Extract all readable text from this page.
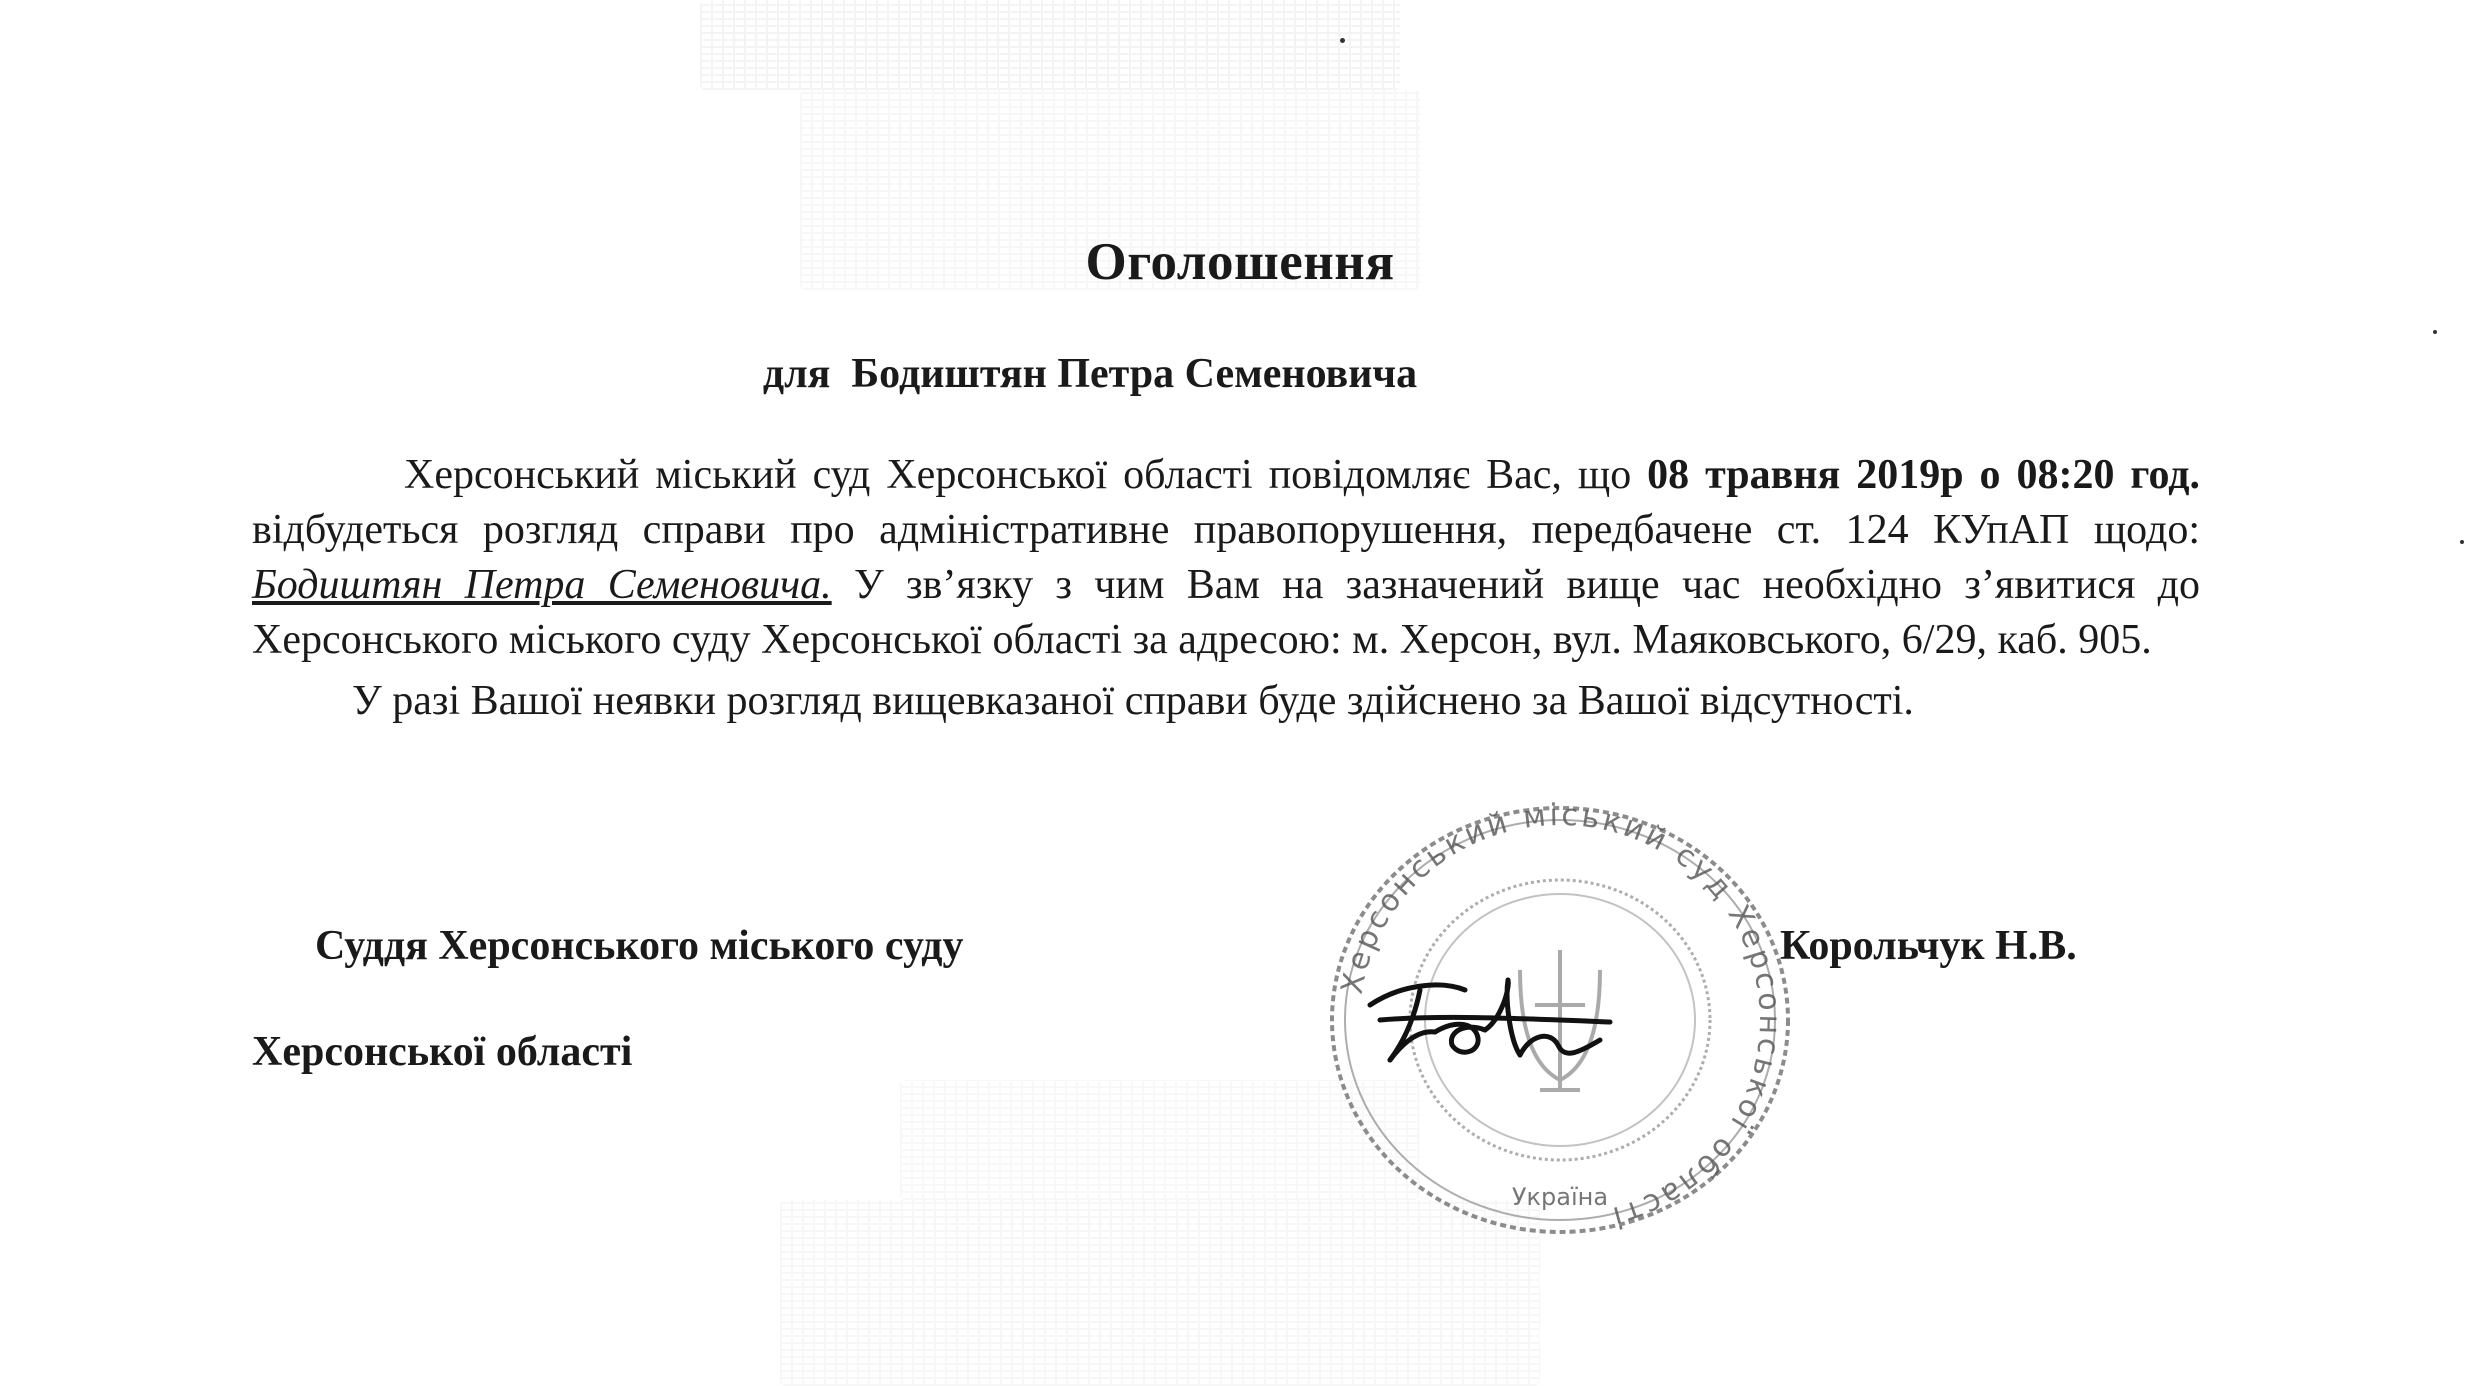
Оголошення
для  Бодиштян Петра Семеновича

Херсонський міський суд Херсонської області повідомляє Вас, що 08 травня 2019р о 08:20 год. відбудеться розгляд справи про адміністративне правопорушення, передбачене ст. 124 КУпАП щодо: Бодиштян Петра Семеновича. У зв’язку з чим Вам на зазначений вище час необхідно з’явитися до Херсонського міського суду Херсонської області за адресою: м. Херсон, вул. Маяковського, 6/29, каб. 905.

У разі Вашої неявки розгляд вищевказаної справи буде здійснено за Вашої відсутності.

Херсонський міський суд Херсонської області
Україна
Суддя Херсонського міського суду
Херсонської області
Корольчук Н.В.
